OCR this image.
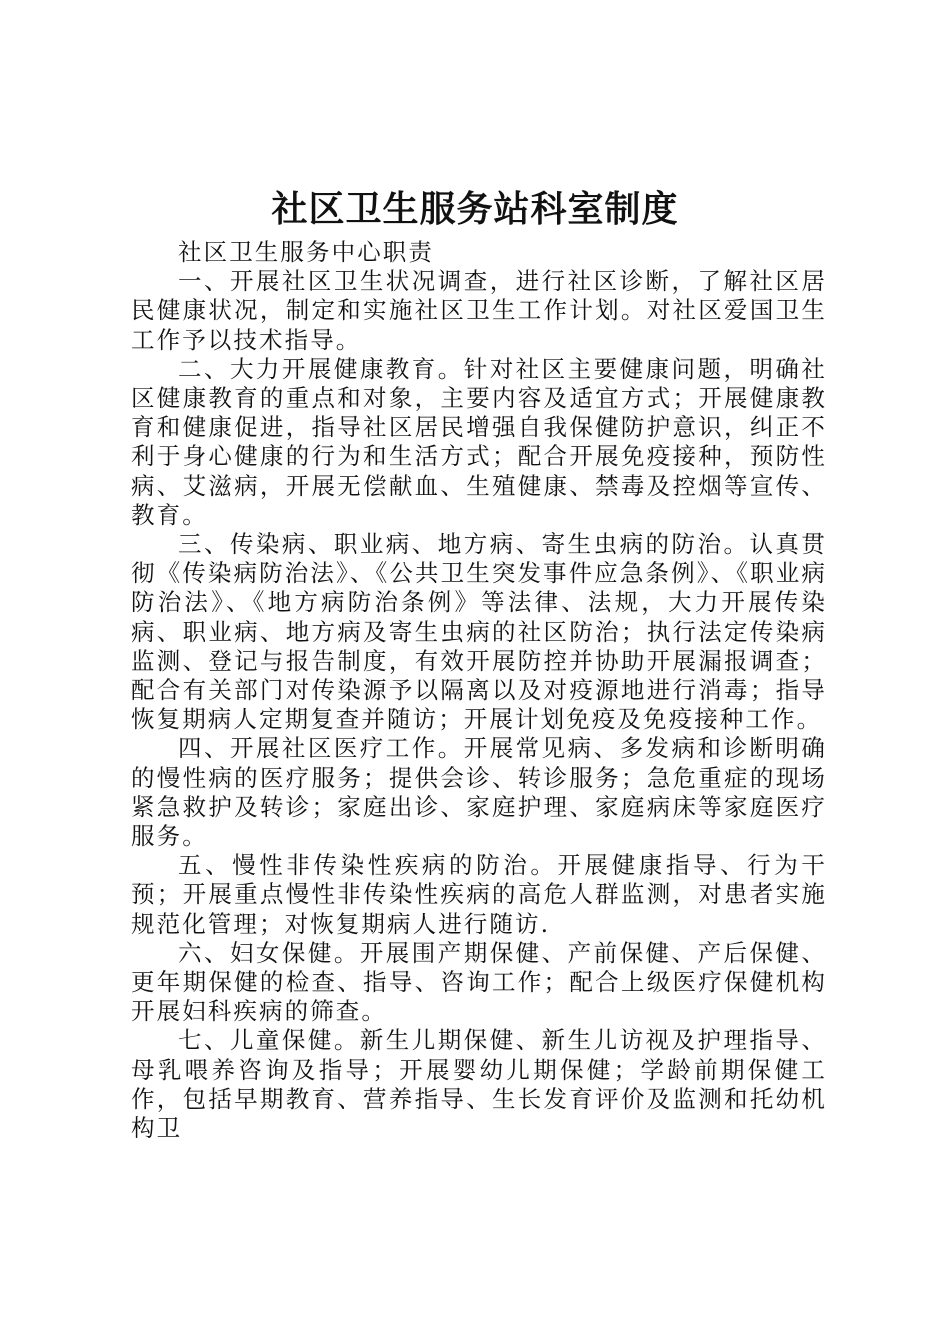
社区卫生服务站科室制度

社区卫生服务中心职责

一、开展社区卫生状况调查，进行社区诊断，了解社区居民健康状况，制定和实施社区卫生工作计划。对社区爱国卫生工作予以技术指导。

二、大力开展健康教育。针对社区主要健康问题，明确社区健康教育的重点和对象，主要内容及适宜方式；开展健康教育和健康促进，指导社区居民增强自我保健防护意识，纠正不利于身心健康的行为和生活方式；配合开展免疫接种，预防性病、艾滋病，开展无偿献血、生殖健康、禁毒及控烟等宣传、教育。

三、传染病、职业病、地方病、寄生虫病的防治。认真贯彻《传染病防治法》、《公共卫生突发事件应急条例》、《职业病防治法》、《地方病防治条例》等法律、法规，大力开展传染病、职业病、地方病及寄生虫病的社区防治；执行法定传染病监测、登记与报告制度，有效开展防控并协助开展漏报调查；配合有关部门对传染源予以隔离以及对疫源地进行消毒；指导恢复期病人定期复查并随访；开展计划免疫及免疫接种工作。

四、开展社区医疗工作。开展常见病、多发病和诊断明确的慢性病的医疗服务；提供会诊、转诊服务；急危重症的现场紧急救护及转诊；家庭出诊、家庭护理、家庭病床等家庭医疗服务。

五、慢性非传染性疾病的防治。开展健康指导、行为干预；开展重点慢性非传染性疾病的高危人群监测，对患者实施规范化管理；对恢复期病人进行随访.

六、妇女保健。开展围产期保健、产前保健、产后保健、更年期保健的检查、指导、咨询工作；配合上级医疗保健机构开展妇科疾病的筛查。

七、儿童保健。新生儿期保健、新生儿访视及护理指导、母乳喂养咨询及指导；开展婴幼儿期保健；学龄前期保健工作，包括早期教育、营养指导、生长发育评价及监测和托幼机构卫
